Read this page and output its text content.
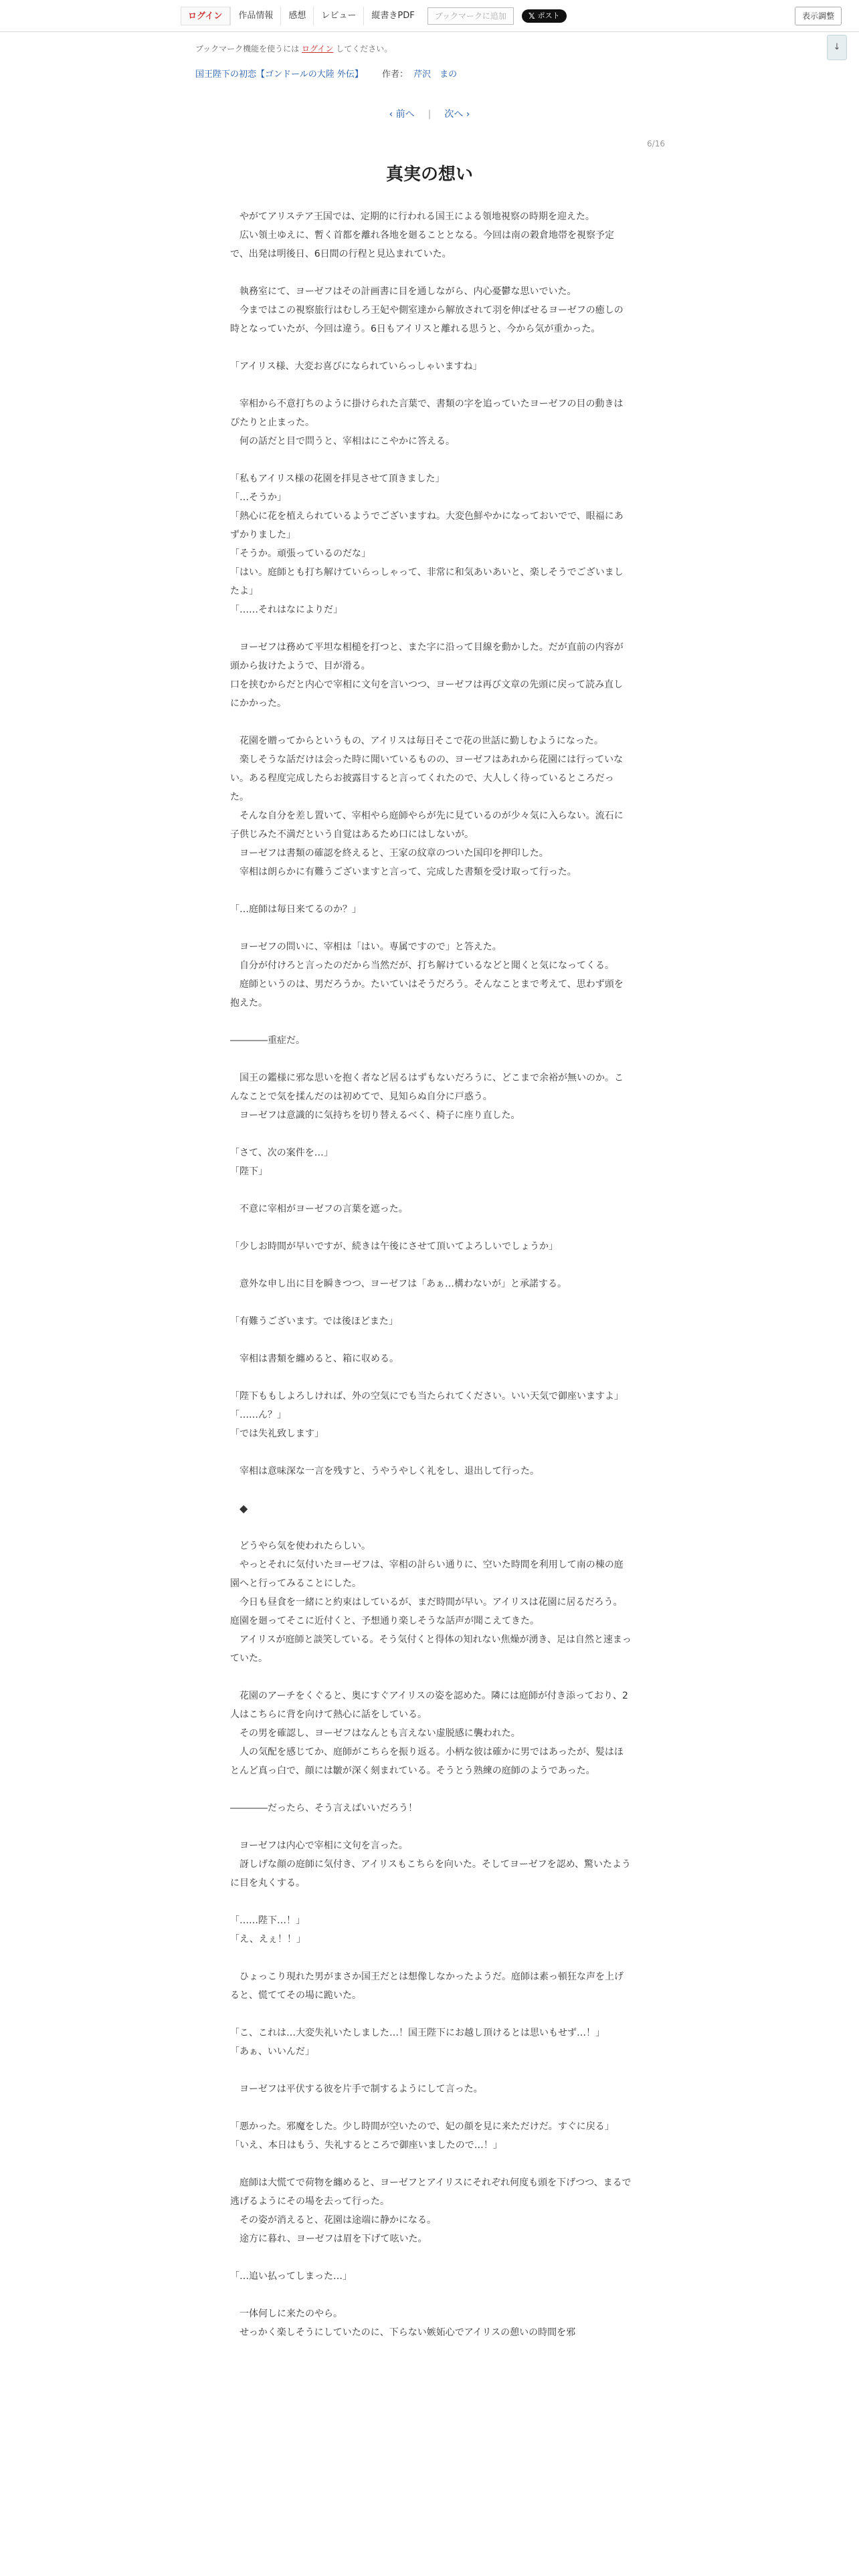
ログイン	作品情報	感想	レビュー	縦書きPDF	ブックマークに追加	𝕏 ポスト	表示調整
↓
ブックマーク機能を使うには ログイン してください。
国王陛下の初恋【ゴンドールの大陸 外伝】 作者： 芹沢　まの
‹ 前へ | 次へ ›
6/16
真実の想い

　やがてアリステア王国では、定期的に行われる国王による領地視察の時期を迎えた。

　広い領土ゆえに、暫く首都を離れ各地を廻ることとなる。今回は南の穀倉地帯を視察予定で、出発は明後日、6日間の行程と見込まれていた。

　執務室にて、ヨーゼフはその計画書に目を通しながら、内心憂鬱な思いでいた。

　今まではこの視察旅行はむしろ王妃や側室達から解放されて羽を伸ばせるヨーゼフの癒しの時となっていたが、今回は違う。6日もアイリスと離れる思うと、今から気が重かった。

「アイリス様、大変お喜びになられていらっしゃいますね」

　宰相から不意打ちのように掛けられた言葉で、書類の字を追っていたヨーゼフの目の動きはぴたりと止まった。

　何の話だと目で問うと、宰相はにこやかに答える。

「私もアイリス様の花園を拝見させて頂きました」

「…そうか」

「熱心に花を植えられているようでございますね。大変色鮮やかになっておいでで、眼福にあずかりました」

「そうか。頑張っているのだな」

「はい。庭師とも打ち解けていらっしゃって、非常に和気あいあいと、楽しそうでございましたよ」

「……それはなによりだ」

　ヨーゼフは務めて平坦な相槌を打つと、また字に沿って目線を動かした。だが直前の内容が頭から抜けたようで、目が滑る。

口を挟むからだと内心で宰相に文句を言いつつ、ヨーゼフは再び文章の先頭に戻って読み直しにかかった。

　花園を贈ってからというもの、アイリスは毎日そこで花の世話に勤しむようになった。

　楽しそうな話だけは会った時に聞いているものの、ヨーゼフはあれから花園には行っていない。ある程度完成したらお披露目すると言ってくれたので、大人しく待っているところだった。

　そんな自分を差し置いて、宰相やら庭師やらが先に見ているのが少々気に入らない。流石に子供じみた不満だという自覚はあるため口にはしないが。

　ヨーゼフは書類の確認を終えると、王家の紋章のついた国印を押印した。

　宰相は朗らかに有難うございますと言って、完成した書類を受け取って行った。

「…庭師は毎日来てるのか？」

　ヨーゼフの問いに、宰相は「はい。専属ですので」と答えた。

　自分が付けろと言ったのだから当然だが、打ち解けているなどと聞くと気になってくる。

　庭師というのは、男だろうか。たいていはそうだろう。そんなことまで考えて、思わず頭を抱えた。

――――重症だ。

　国王の鑑様に邪な思いを抱く者など居るはずもないだろうに、どこまで余裕が無いのか。こんなことで気を揉んだのは初めてで、見知らぬ自分に戸惑う。

　ヨーゼフは意識的に気持ちを切り替えるべく、椅子に座り直した。

「さて、次の案件を…」

「陛下」

　不意に宰相がヨーゼフの言葉を遮った。

「少しお時間が早いですが、続きは午後にさせて頂いてよろしいでしょうか」

　意外な申し出に目を瞬きつつ、ヨーゼフは「あぁ…構わないが」と承諾する。

「有難うございます。では後ほどまた」

　宰相は書類を纏めると、箱に収める。

「陛下ももしよろしければ、外の空気にでも当たられてください。いい天気で御座いますよ」

「……ん？」

「では失礼致します」

　宰相は意味深な一言を残すと、うやうやしく礼をし、退出して行った。

◆

　どうやら気を使われたらしい。

　やっとそれに気付いたヨーゼフは、宰相の計らい通りに、空いた時間を利用して南の棟の庭園へと行ってみることにした。

　今日も昼食を一緒にと約束はしているが、まだ時間が早い。アイリスは花園に居るだろう。庭園を廻ってそこに近付くと、予想通り楽しそうな話声が聞こえてきた。

　アイリスが庭師と談笑している。そう気付くと得体の知れない焦燥が湧き、足は自然と速まっていた。

　花園のアーチをくぐると、奥にすぐアイリスの姿を認めた。隣には庭師が付き添っており、2人はこちらに背を向けて熱心に話をしている。

　その男を確認し、ヨーゼフはなんとも言えない虚脱感に襲われた。

　人の気配を感じてか、庭師がこちらを振り返る。小柄な彼は確かに男ではあったが、髪はほとんど真っ白で、顔には皺が深く刻まれている。そうとう熟練の庭師のようであった。

――――だったら、そう言えばいいだろう！

　ヨーゼフは内心で宰相に文句を言った。

　訝しげな顔の庭師に気付き、アイリスもこちらを向いた。そしてヨーゼフを認め、驚いたように目を丸くする。

「……陛下…！」

「え、えぇ！！」

　ひょっこり現れた男がまさか国王だとは想像しなかったようだ。庭師は素っ頓狂な声を上げると、慌ててその場に跪いた。

「こ、これは…大変失礼いたしました…！国王陛下にお越し頂けるとは思いもせず…！」

「あぁ、いいんだ」

　ヨーゼフは平伏する彼を片手で制するようにして言った。

「悪かった。邪魔をした。少し時間が空いたので、妃の顔を見に来ただけだ。すぐに戻る」

「いえ、本日はもう、失礼するところで御座いましたので…！」

　庭師は大慌てで荷物を纏めると、ヨーゼフとアイリスにそれぞれ何度も頭を下げつつ、まるで逃げるようにその場を去って行った。

　その姿が消えると、花園は途端に静かになる。

　途方に暮れ、ヨーゼフは眉を下げて呟いた。

「…追い払ってしまった…」

　一体何しに来たのやら。

　せっかく楽しそうにしていたのに、下らない嫉妬心でアイリスの憩いの時間を邪
